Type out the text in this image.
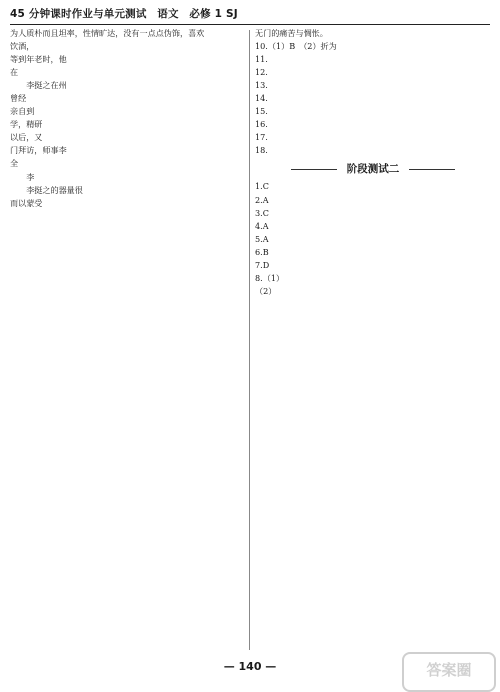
45 分钟课时作业与单元测试　语文　必修 1 SJ

为人质朴而且坦率，性情旷达，没有一点点伪饰，喜欢

饮酒，

等到年老时，他

在

　　李挺之在州

曾经

亲自到

学，精研

以后，又

门拜访，师事李

全

　　李

　　李挺之的器量很

而以蒙受

无门的痛苦与惆怅。

10.（1）B　（2）折为

11.

12.

13.

14.

15.

16.

17.

18.

阶段测试二

1.C

2.A

3.C

4.A

5.A

6.B

7.D

8.（1）

（2）

— 140 —	答案圈
